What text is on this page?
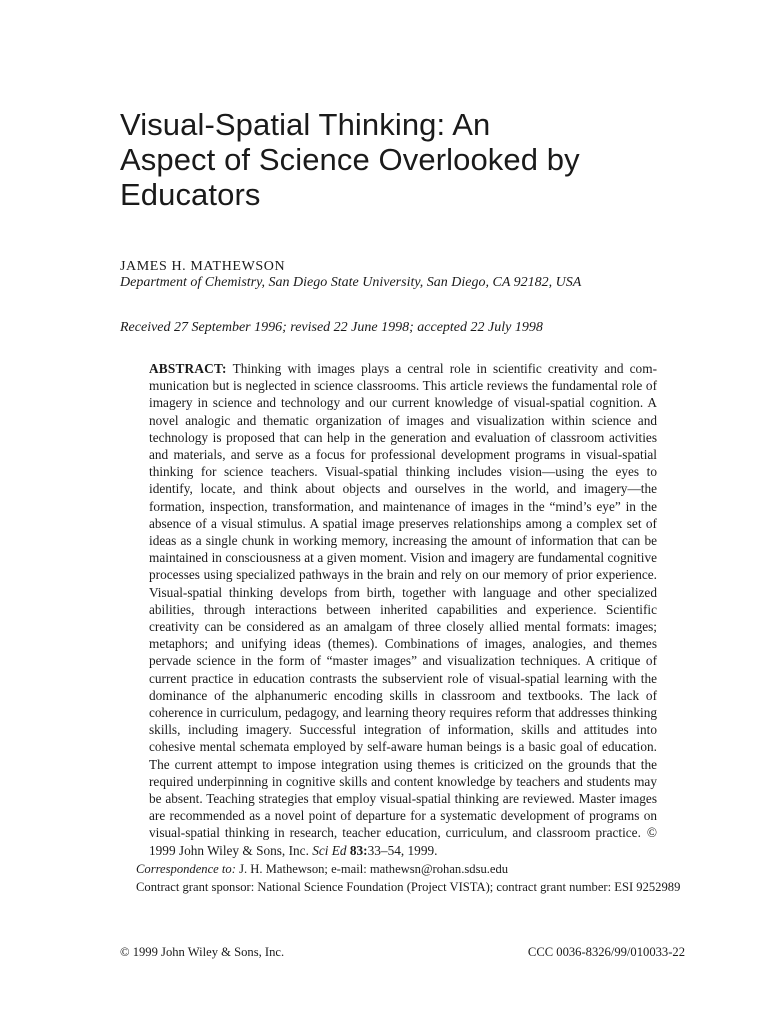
Visual-Spatial Thinking: An
Aspect of Science Overlooked by
Educators
JAMES H. MATHEWSON
Department of Chemistry, San Diego State University, San Diego, CA 92182, USA
Received 27 September 1996; revised 22 June 1998; accepted 22 July 1998
ABSTRACT: Thinking with images plays a central role in scientific creativity and communication but is neglected in science classrooms. This article reviews the fundamental role of imagery in science and technology and our current knowledge of visual-spatial cognition. A novel analogic and thematic organization of images and visualization within science and technology is proposed that can help in the generation and evaluation of classroom activities and materials, and serve as a focus for professional development programs in visual-spatial thinking for science teachers. Visual-spatial thinking includes vision—using the eyes to identify, locate, and think about objects and ourselves in the world, and imagery—the formation, inspection, transformation, and maintenance of images in the “mind’s eye” in the absence of a visual stimulus. A spatial image preserves relationships among a complex set of ideas as a single chunk in working memory, increasing the amount of information that can be maintained in consciousness at a given moment. Vision and imagery are fundamental cognitive processes using specialized pathways in the brain and rely on our memory of prior experience. Visual-spatial thinking develops from birth, together with language and other specialized abilities, through interactions between inherited capabilities and experience. Scientific creativity can be considered as an amalgam of three closely allied mental formats: images; metaphors; and unifying ideas (themes). Combinations of images, analogies, and themes pervade science in the form of “master images” and visualization techniques. A critique of current practice in education contrasts the subservient role of visual-spatial learning with the dominance of the alphanumeric encoding skills in classroom and textbooks. The lack of coherence in curriculum, pedagogy, and learning theory requires reform that addresses thinking skills, including imagery. Successful integration of information, skills and attitudes into cohesive mental schemata employed by self-aware human beings is a basic goal of education. The current attempt to impose integration using themes is criticized on the grounds that the required underpinning in cognitive skills and content knowledge by teachers and students may be absent. Teaching strategies that employ visual-spatial thinking are reviewed. Master images are recommended as a novel point of departure for a systematic development of programs on visual-spatial thinking in research, teacher education, curriculum, and classroom practice. © 1999 John Wiley & Sons, Inc. Sci Ed 83:33–54, 1999.
Correspondence to: J. H. Mathewson; e-mail: mathewsn@rohan.sdsu.edu
Contract grant sponsor: National Science Foundation (Project VISTA); contract grant number: ESI 9252989
© 1999 John Wiley & Sons, Inc.	CCC 0036-8326/99/010033-22
